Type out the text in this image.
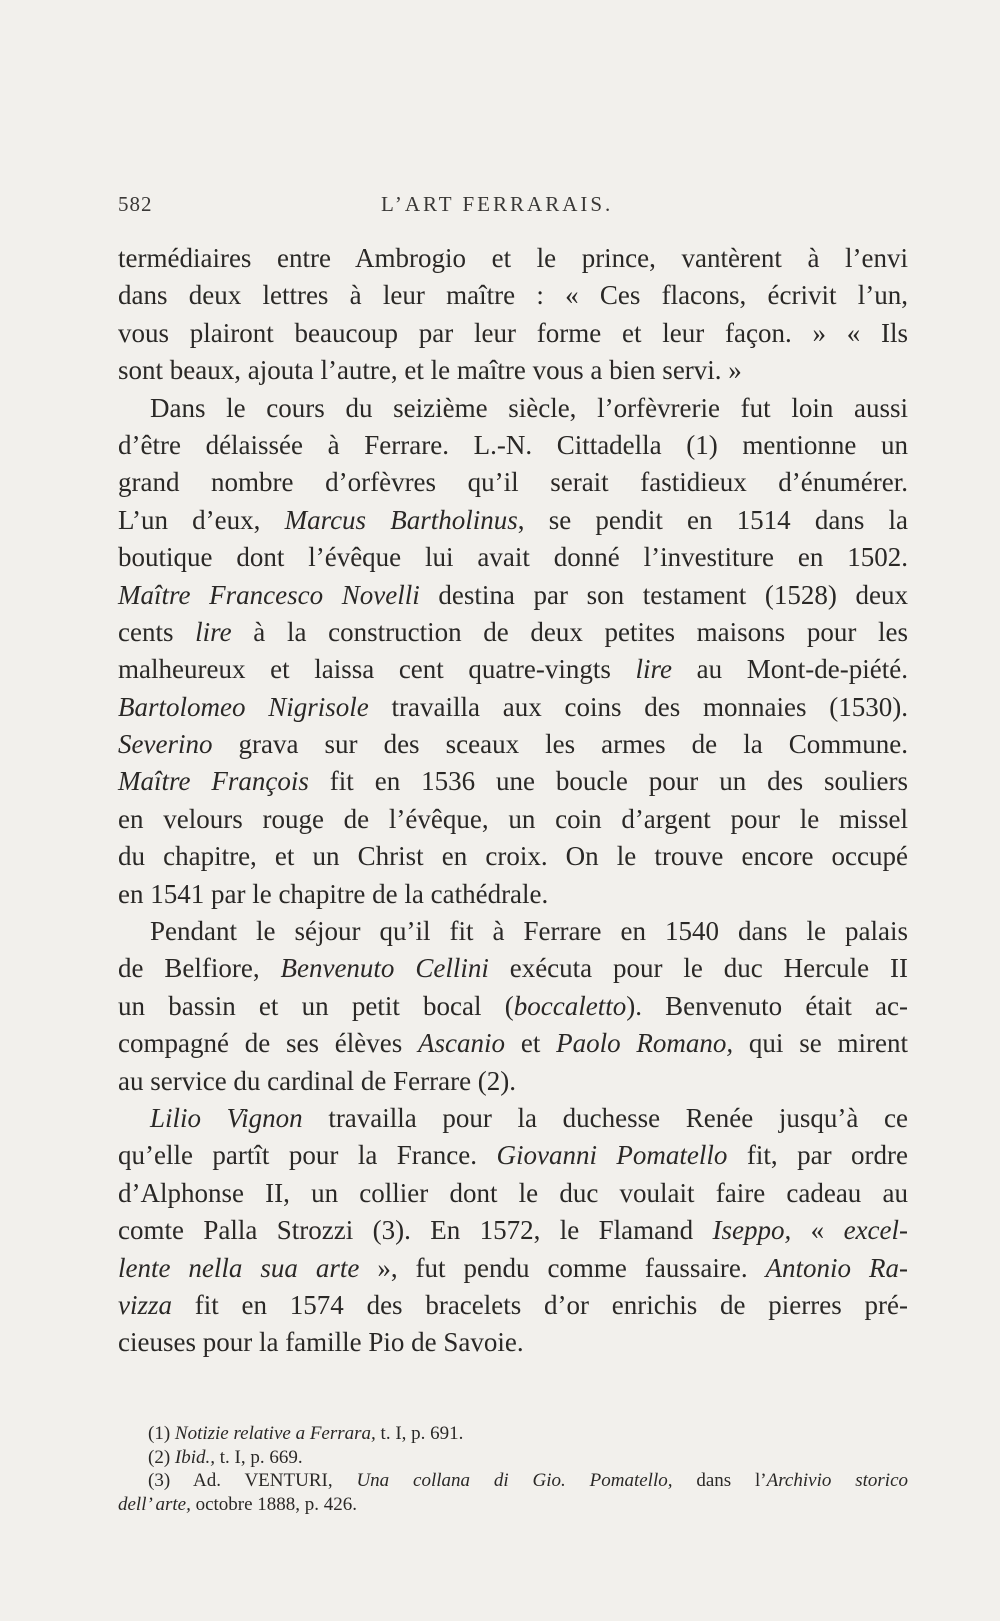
582	L’ART FERRARAIS.
termédiaires entre Ambrogio et le prince, vantèrent à l’envi
dans deux lettres à leur maître : « Ces flacons, écrivit l’un,
vous plairont beaucoup par leur forme et leur façon. » « Ils
sont beaux, ajouta l’autre, et le maître vous a bien servi. »
Dans le cours du seizième siècle, l’orfèvrerie fut loin aussi
d’être délaissée à Ferrare. L.-N. Cittadella (1) mentionne un
grand nombre d’orfèvres qu’il serait fastidieux d’énumérer.
L’un d’eux, Marcus Bartholinus, se pendit en 1514 dans la
boutique dont l’évêque lui avait donné l’investiture en 1502.
Maître Francesco Novelli destina par son testament (1528) deux
cents lire à la construction de deux petites maisons pour les
malheureux et laissa cent quatre-vingts lire au Mont-de-piété.
Bartolomeo Nigrisole travailla aux coins des monnaies (1530).
Severino grava sur des sceaux les armes de la Commune.
Maître François fit en 1536 une boucle pour un des souliers
en velours rouge de l’évêque, un coin d’argent pour le missel
du chapitre, et un Christ en croix. On le trouve encore occupé
en 1541 par le chapitre de la cathédrale.
Pendant le séjour qu’il fit à Ferrare en 1540 dans le palais
de Belfiore, Benvenuto Cellini exécuta pour le duc Hercule II
un bassin et un petit bocal (boccaletto). Benvenuto était ac-
compagné de ses élèves Ascanio et Paolo Romano, qui se mirent
au service du cardinal de Ferrare (2).
Lilio Vignon travailla pour la duchesse Renée jusqu’à ce
qu’elle partît pour la France. Giovanni Pomatello fit, par ordre
d’Alphonse II, un collier dont le duc voulait faire cadeau au
comte Palla Strozzi (3). En 1572, le Flamand Iseppo, « excel-
lente nella sua arte », fut pendu comme faussaire. Antonio Ra-
vizza fit en 1574 des bracelets d’or enrichis de pierres pré-
cieuses pour la famille Pio de Savoie.
(1) Notizie relative a Ferrara, t. I, p. 691.
(2) Ibid., t. I, p. 669.
(3) Ad. VENTURI, Una collana di Gio. Pomatello, dans l’Archivio storico
dell’ arte, octobre 1888, p. 426.
